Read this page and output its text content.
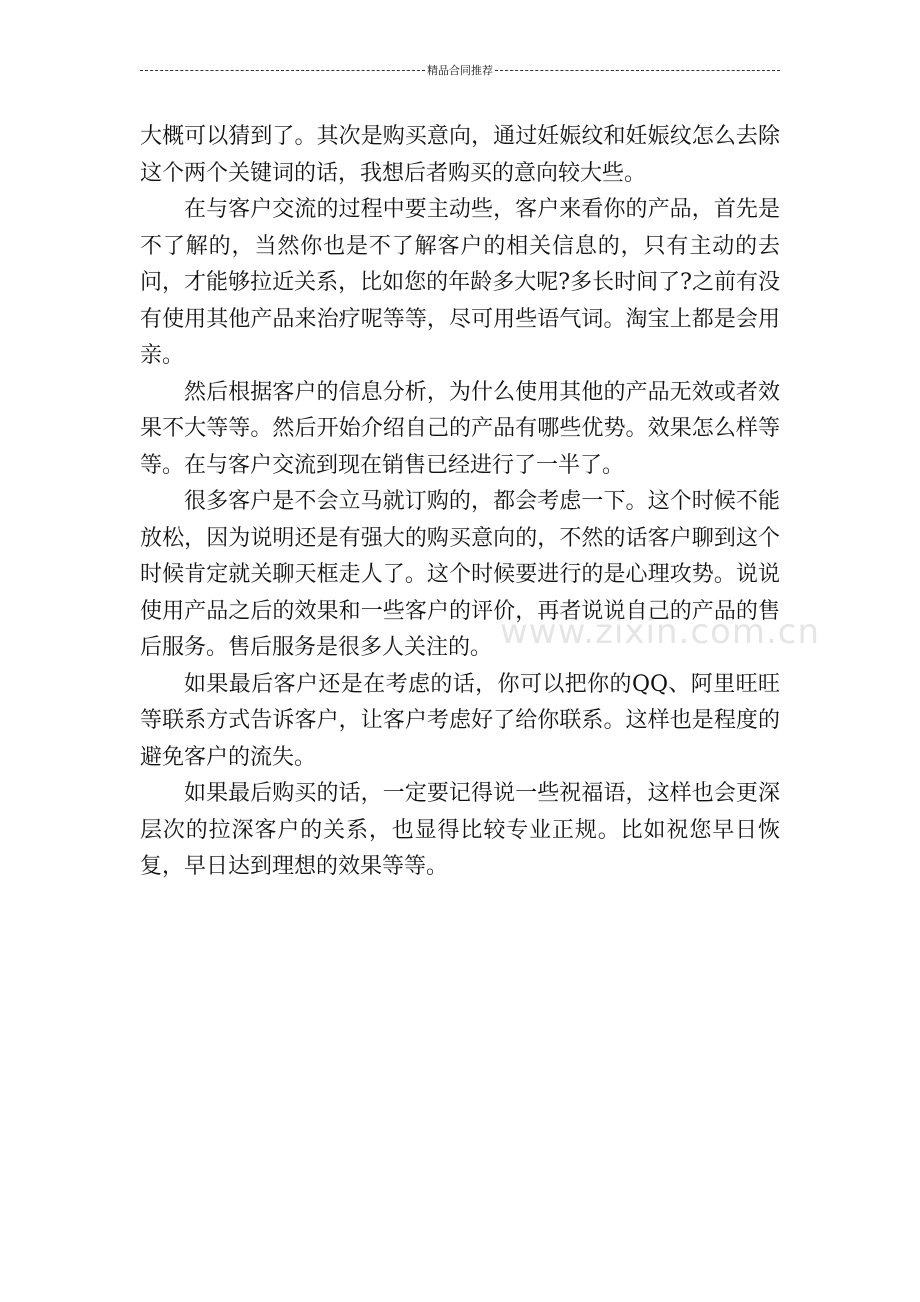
精品合同推荐

大概可以猜到了。其次是购买意向，通过妊娠纹和妊娠纹怎么去除这个两个关键词的话，我想后者购买的意向较大些。

在与客户交流的过程中要主动些，客户来看你的产品，首先是不了解的，当然你也是不了解客户的相关信息的，只有主动的去问，才能够拉近关系，比如您的年龄多大呢?多长时间了?之前有没有使用其他产品来治疗呢等等，尽可用些语气词。淘宝上都是会用亲。

然后根据客户的信息分析，为什么使用其他的产品无效或者效果不大等等。然后开始介绍自己的产品有哪些优势。效果怎么样等等。在与客户交流到现在销售已经进行了一半了。

很多客户是不会立马就订购的，都会考虑一下。这个时候不能放松，因为说明还是有强大的购买意向的，不然的话客户聊到这个时候肯定就关聊天框走人了。这个时候要进行的是心理攻势。说说使用产品之后的效果和一些客户的评价，再者说说自己的产品的售后服务。售后服务是很多人关注的。

如果最后客户还是在考虑的话，你可以把你的QQ、阿里旺旺等联系方式告诉客户，让客户考虑好了给你联系。这样也是程度的避免客户的流失。

如果最后购买的话，一定要记得说一些祝福语，这样也会更深层次的拉深客户的关系，也显得比较专业正规。比如祝您早日恢复，早日达到理想的效果等等。

www.zixin.com.cn
